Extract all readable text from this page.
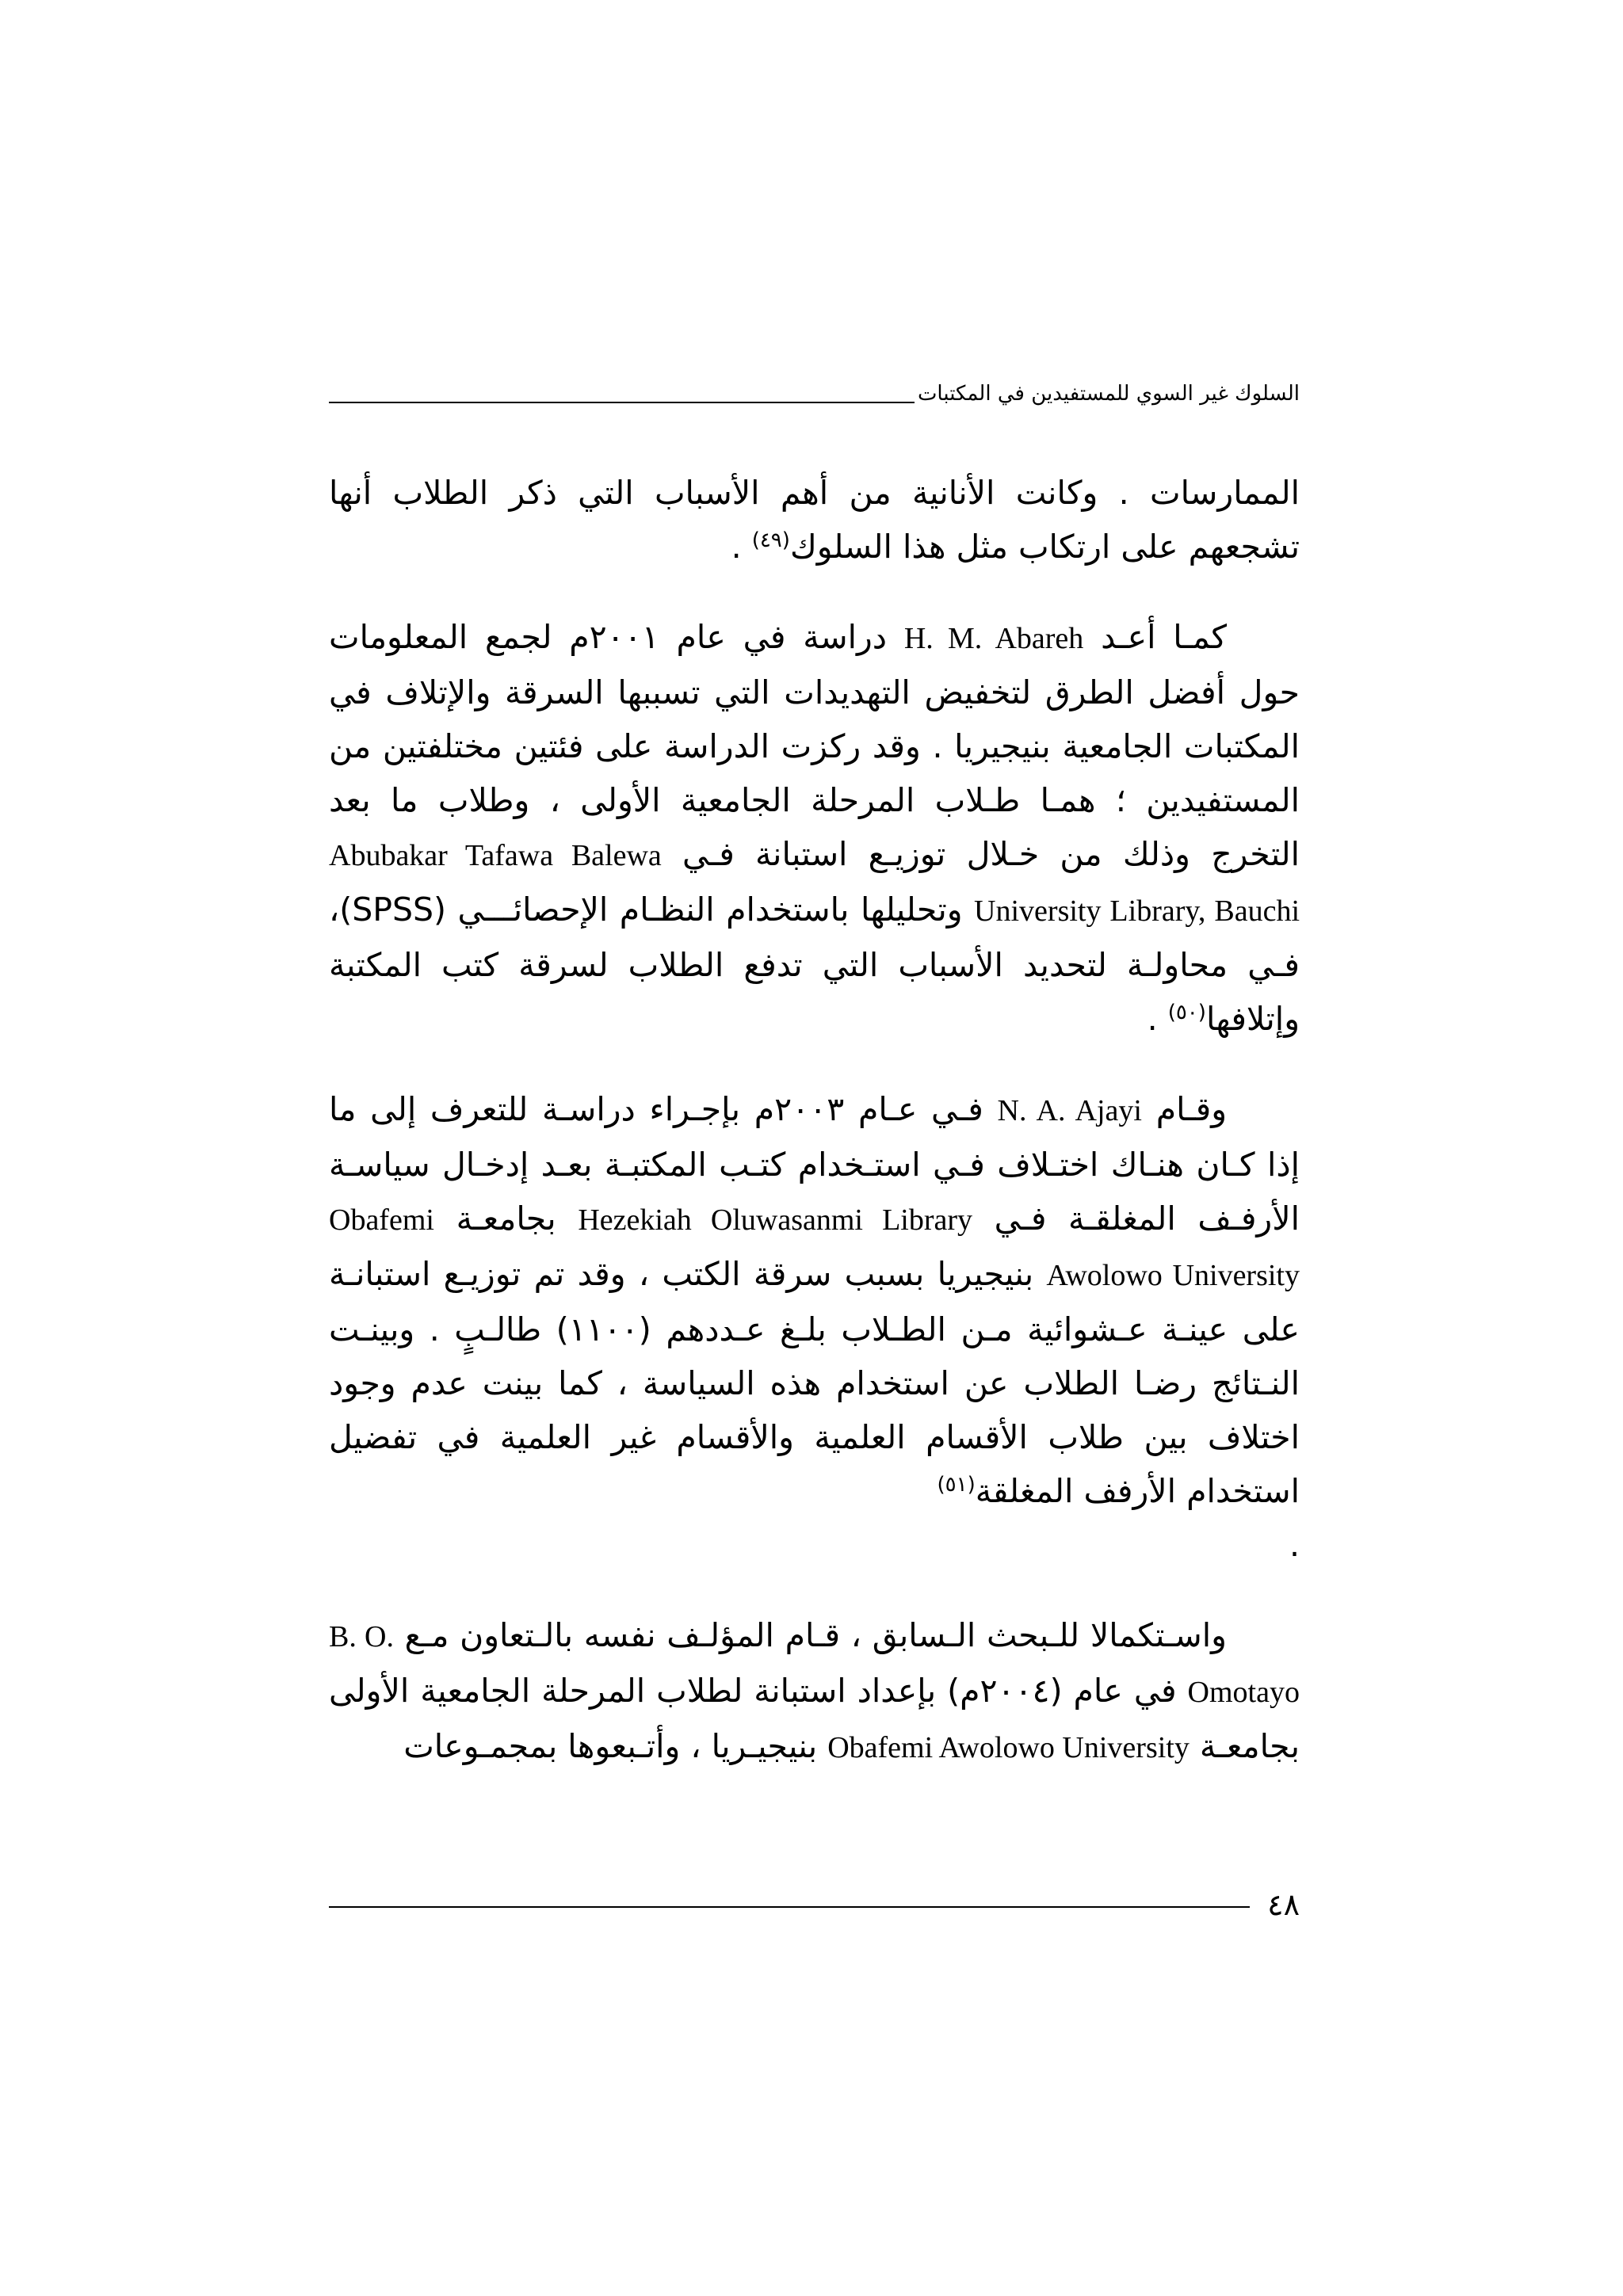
السلوك غير السوي للمستفيدين في المكتبات

الممارسات . وكانت الأنانية من أهم الأسباب التي ذكر الطلاب أنها تشجعهم على ارتكاب مثل هذا السلوك$^{(٤٩)}$ .

كمـا أعـد H. M. Abareh دراسة في عام ٢٠٠١م لجمع المعلومات حول أفضل الطرق لتخفيض التهديدات التي تسببها السرقة والإتلاف في المكتبات الجامعية بنيجيريا . وقد ركزت الدراسة على فئتين مختلفتين من المستفيدين ؛ همـا طـلاب المرحلة الجامعية الأولى ، وطلاب ما بعد التخرج وذلك من خـلال توزيـع استبانة فـي Abubakar Tafawa Balewa University Library, Bauchi وتحليلها باستخدام النظـام الإحصائـــي (SPSS)، فـي محاولـة لتحديد الأسباب التي تدفع الطلاب لسرقة كتب المكتبة وإتلافها$^{(٥٠)}$ .

وقـام N. A. Ajayi فـي عـام ٢٠٠٣م بإجـراء دراسـة للتعرف إلى ما إذا كـان هنـاك اختـلاف فـي استـخدام كتـب المكتبـة بعـد إدخـال سياسـة الأرفـف المغلقـة فـي Hezekiah Oluwasanmi Library بجامعـة Obafemi Awolowo University بنيجيريا بسبب سرقة الكتب ، وقد تم توزيـع استبانـة على عينـة عـشوائية مـن الطـلاب بلـغ عـددهم (١١٠٠) طالـبٍ . وبينـت النـتائج رضـا الطلاب عن استخدام هذه السياسة ، كما بينت عدم وجود اختلاف بين طلاب الأقسام العلمية والأقسام غير العلمية في تفضيل استخدام الأرفف المغلقة$^{(٥١)}$

.

واسـتكمالا للـبحث الـسابق ، قـام المؤلـف نفسه بالـتعاون مـع B. O. Omotayo في عام (٢٠٠٤م) بإعداد استبانة لطلاب المرحلة الجامعية الأولى بجامعـة Obafemi Awolowo University بنيجيـريا ، وأتـبعوها بمجمـوعات

٤٨
